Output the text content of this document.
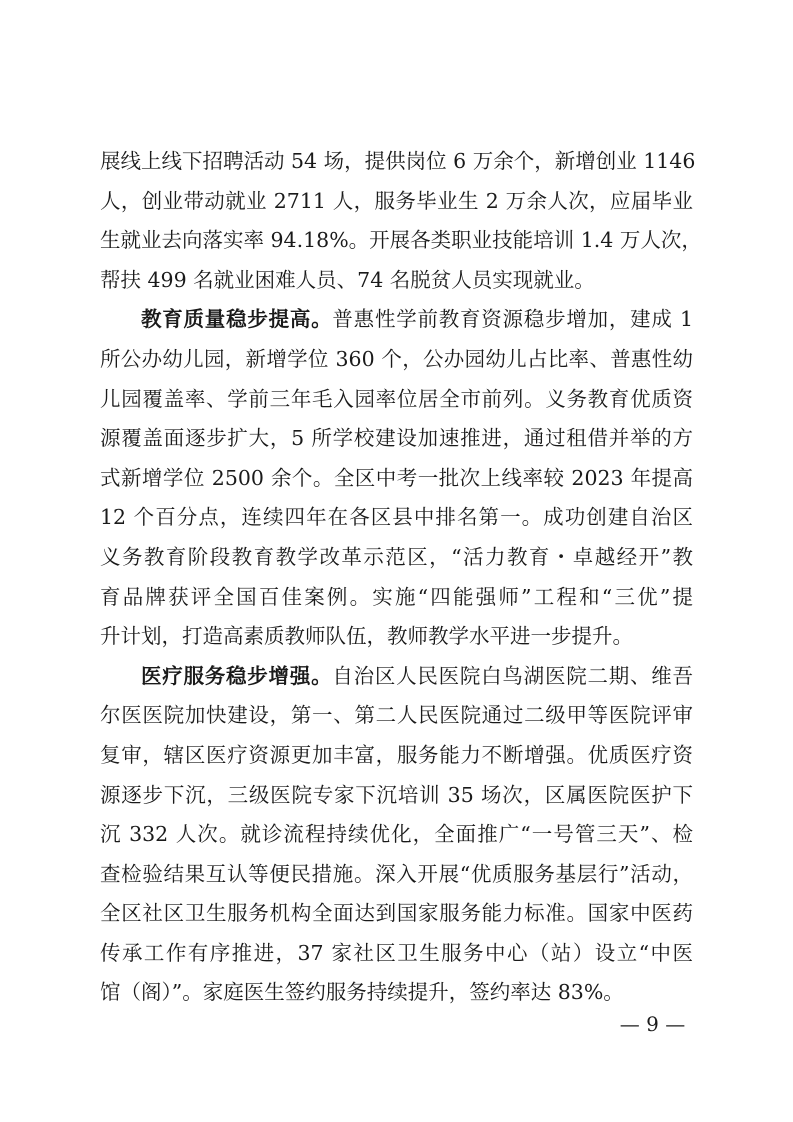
展线上线下招聘活动 54 场，提供岗位 6 万余个，新增创业 1146
人，创业带动就业 2711 人，服务毕业生 2 万余人次，应届毕业
生就业去向落实率 94.18%。开展各类职业技能培训 1.4 万人次，
帮扶 499 名就业困难人员、74 名脱贫人员实现就业。
教育质量稳步提高。普惠性学前教育资源稳步增加，建成 1
所公办幼儿园，新增学位 360 个，公办园幼儿占比率、普惠性幼
儿园覆盖率、学前三年毛入园率位居全市前列。义务教育优质资
源覆盖面逐步扩大，5 所学校建设加速推进，通过租借并举的方
式新增学位 2500 余个。全区中考一批次上线率较 2023 年提高
12 个百分点，连续四年在各区县中排名第一。成功创建自治区
义务教育阶段教育教学改革示范区，“活力教育・卓越经开”教
育品牌获评全国百佳案例。实施“四能强师”工程和“三优”提
升计划，打造高素质教师队伍，教师教学水平进一步提升。
医疗服务稳步增强。自治区人民医院白鸟湖医院二期、维吾
尔医医院加快建设，第一、第二人民医院通过二级甲等医院评审
复审，辖区医疗资源更加丰富，服务能力不断增强。优质医疗资
源逐步下沉，三级医院专家下沉培训 35 场次，区属医院医护下
沉 332 人次。就诊流程持续优化，全面推广“一号管三天”、检
查检验结果互认等便民措施。深入开展“优质服务基层行”活动，
全区社区卫生服务机构全面达到国家服务能力标准。国家中医药
传承工作有序推进，37 家社区卫生服务中心（站）设立“中医
馆（阁）”。家庭医生签约服务持续提升，签约率达 83%。
— 9 —
